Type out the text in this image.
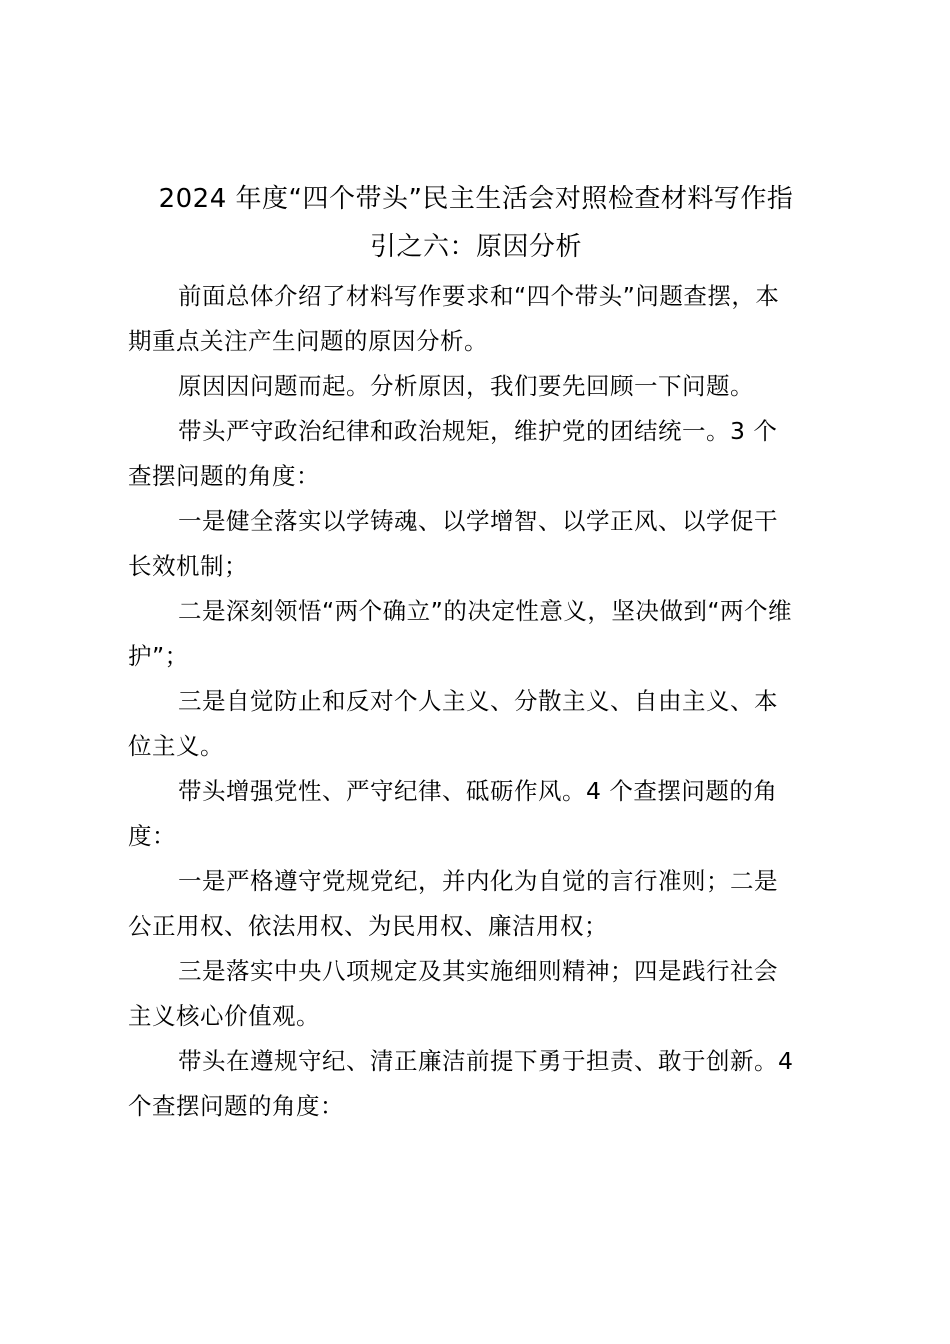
2024 年度“四个带头”民主生活会对照检查材料写作指
引之六：原因分析

前面总体介绍了材料写作要求和“四个带头”问题查摆，本
期重点关注产生问题的原因分析。

原因因问题而起。分析原因，我们要先回顾一下问题。

带头严守政治纪律和政治规矩，维护党的团结统一。3 个
查摆问题的角度：

一是健全落实以学铸魂、以学增智、以学正风、以学促干
长效机制；

二是深刻领悟“两个确立”的决定性意义，坚决做到“两个维
护”；

三是自觉防止和反对个人主义、分散主义、自由主义、本
位主义。

带头增强党性、严守纪律、砥砺作风。4 个查摆问题的角
度：

一是严格遵守党规党纪，并内化为自觉的言行准则；二是
公正用权、依法用权、为民用权、廉洁用权；

三是落实中央八项规定及其实施细则精神；四是践行社会
主义核心价值观。

带头在遵规守纪、清正廉洁前提下勇于担责、敢于创新。4
个查摆问题的角度：
